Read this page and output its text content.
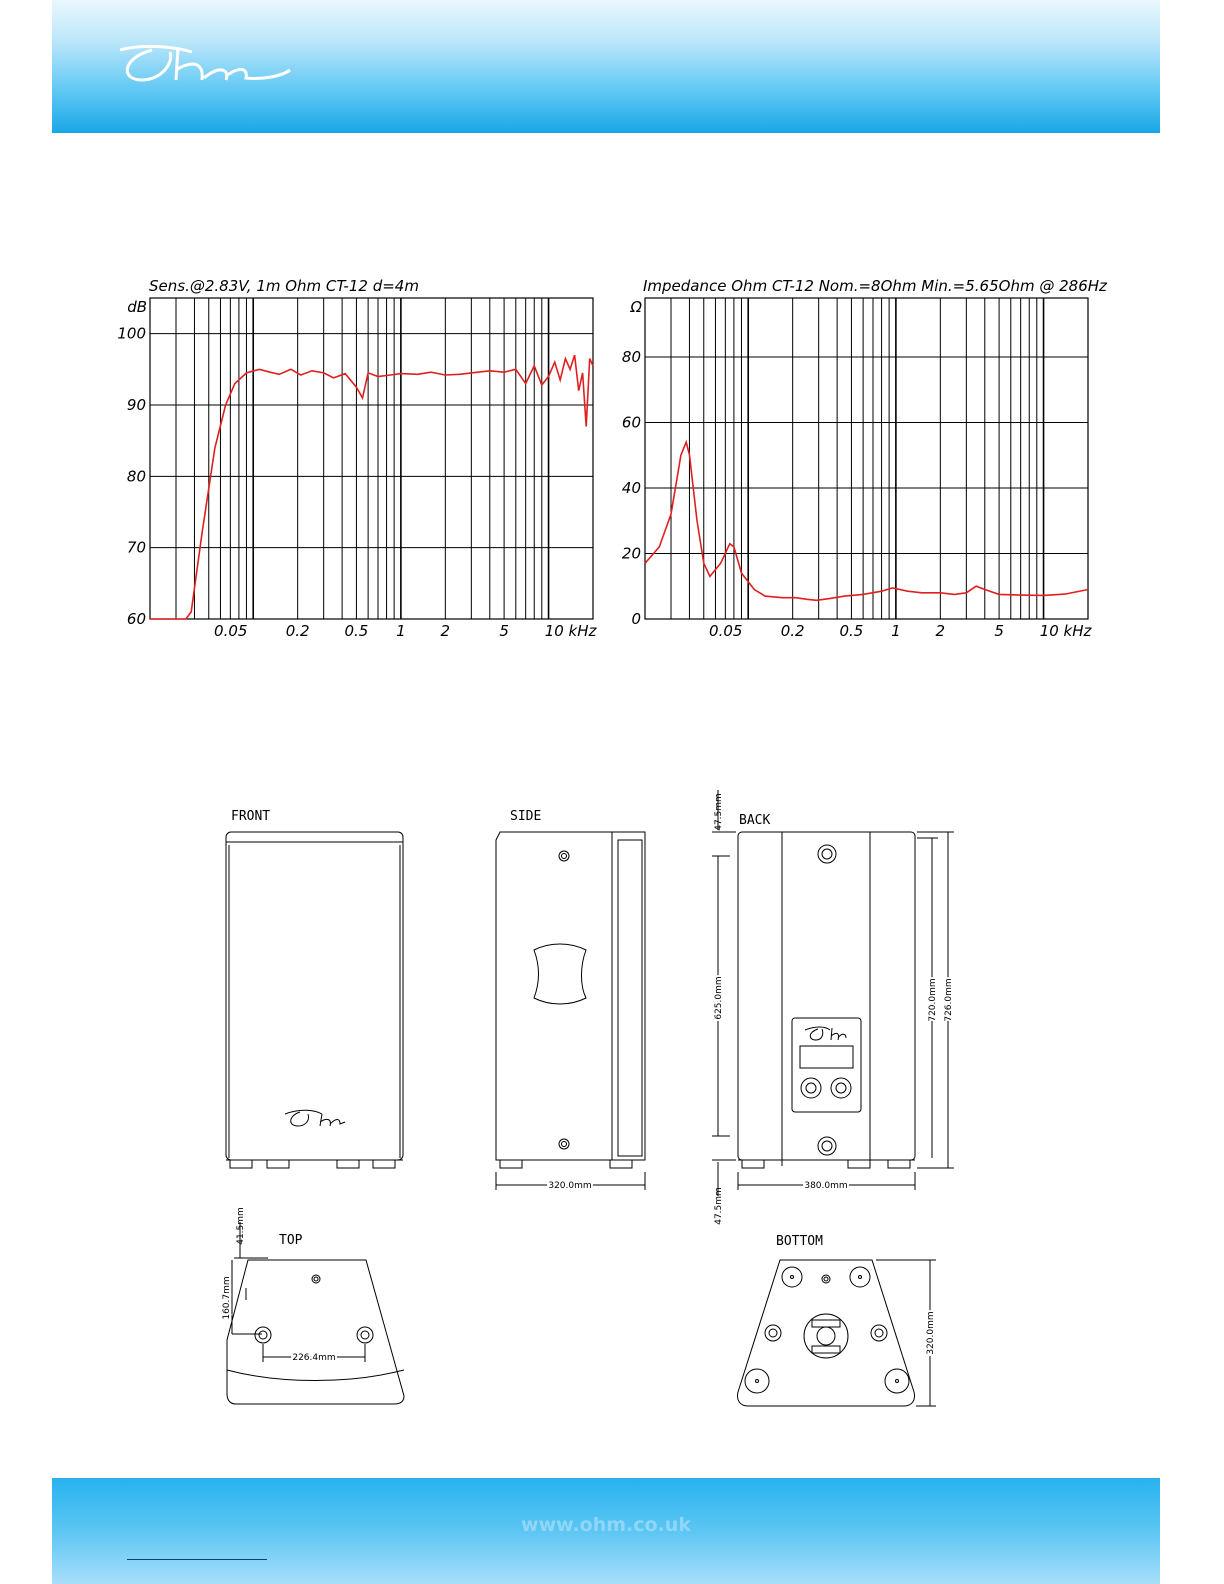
Sens.@2.83V, 1m Ohm CT-12 d=4m	Impedance Ohm CT-12 Nom.=8Ohm Min.=5.65Ohm @ 286Hz
60
70
80
90
100
dB
0.05	0.2 0.5 1 2	5 10 kHz
0
20
40
60
80
Ω
0.05	0.2 0.5 1 2	5 10 kHz
FRONT	SIDE	BACK
TOP	BOTTOM
320.0mm	380.0mm
226.4mm
47.5mm
47.5mm
625.0mm	720.0mm 726.0mm
41.5mm
160.7mm
320.0mm
www.ohm.co.uk
